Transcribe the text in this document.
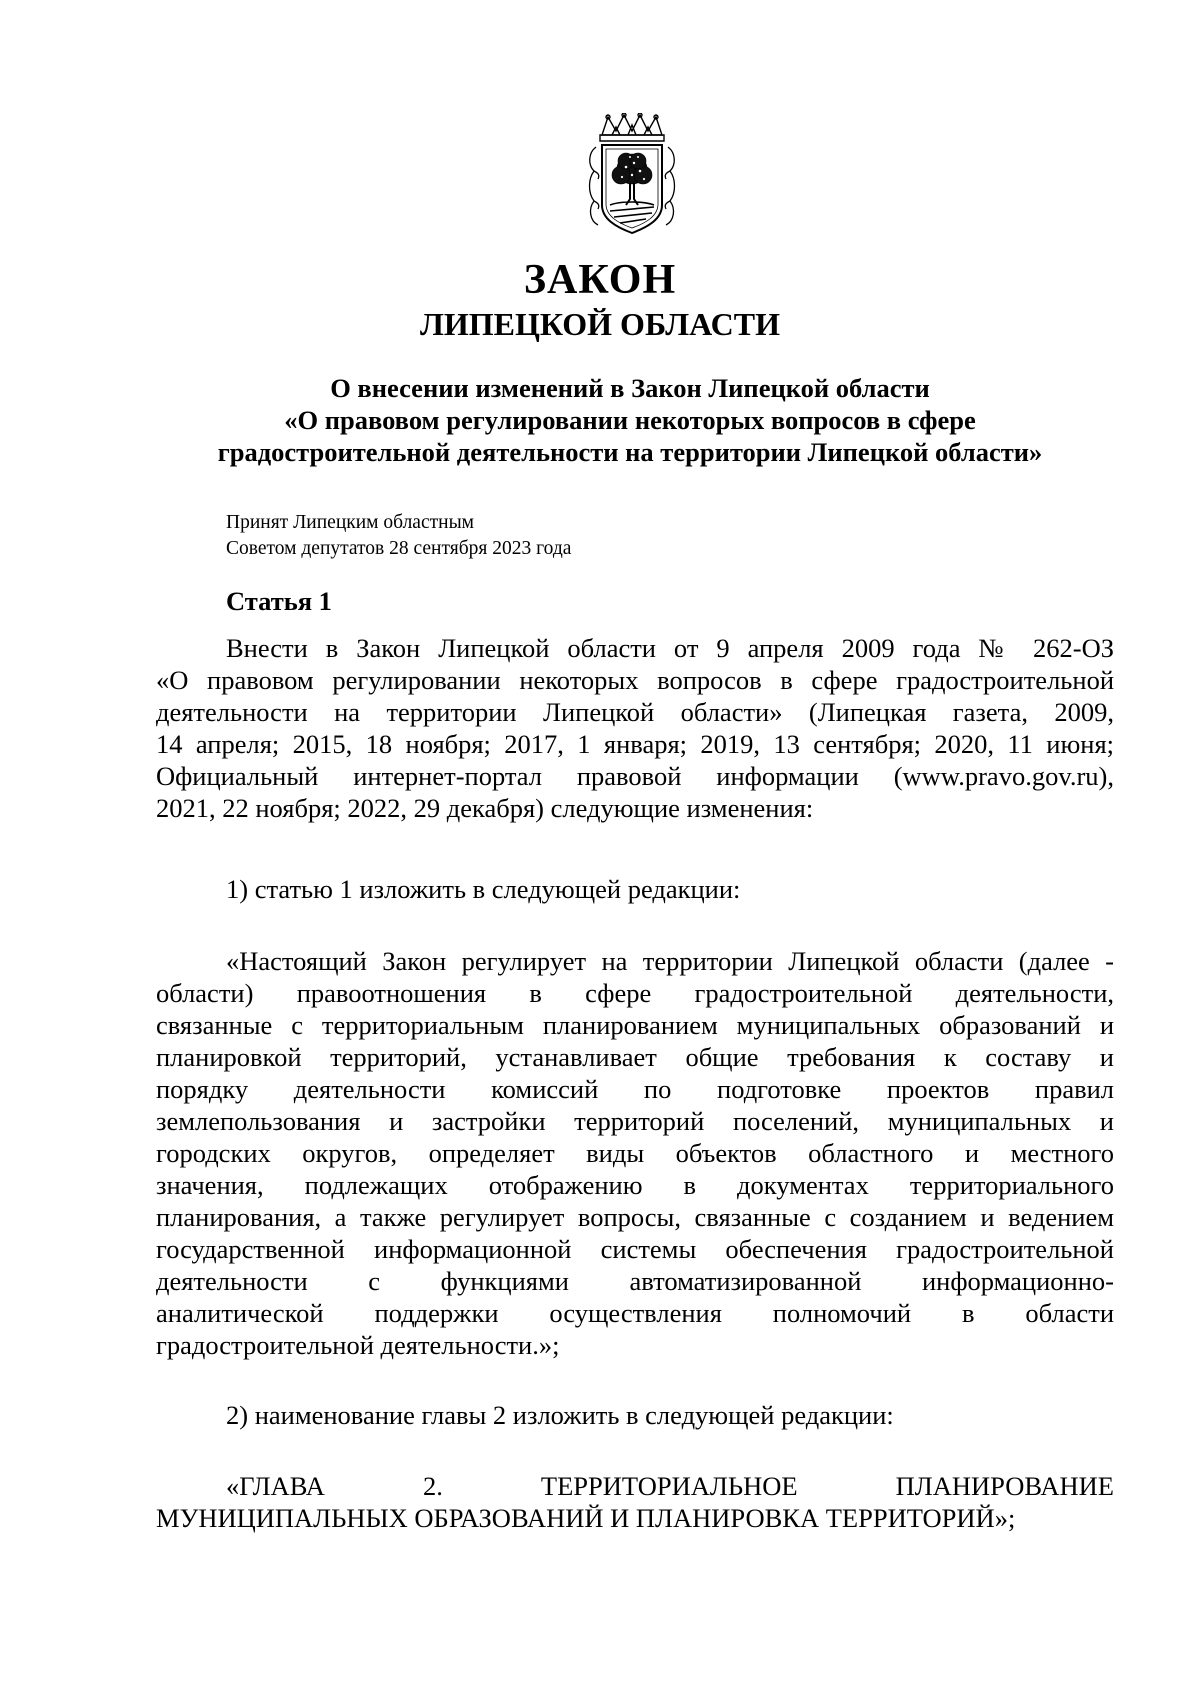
ЗАКОН
ЛИПЕЦКОЙ ОБЛАСТИ
О внесении изменений в Закон Липецкой области
«О правовом регулировании некоторых вопросов в сфере
градостроительной деятельности на территории Липецкой области»
Принят Липецким областным
Советом депутатов 28 сентября 2023 года
Статья 1
Внести в Закон Липецкой области от 9 апреля 2009 года № 262-ОЗ
«О правовом регулировании некоторых вопросов в сфере градостроительной
деятельности на территории Липецкой области» (Липецкая газета, 2009,
14 апреля; 2015, 18 ноября; 2017, 1 января; 2019, 13 сентября; 2020, 11 июня;
Официальный интернет-портал правовой информации (www.pravo.gov.ru),
2021, 22 ноября; 2022, 29 декабря) следующие изменения:
1) статью 1 изложить в следующей редакции:
«Настоящий Закон регулирует на территории Липецкой области (далее -
области) правоотношения в сфере градостроительной деятельности,
связанные с территориальным планированием муниципальных образований и
планировкой территорий, устанавливает общие требования к составу и
порядку деятельности комиссий по подготовке проектов правил
землепользования и застройки территорий поселений, муниципальных и
городских округов, определяет виды объектов областного и местного
значения, подлежащих отображению в документах территориального
планирования, а также регулирует вопросы, связанные с созданием и ведением
государственной информационной системы обеспечения градостроительной
деятельности с функциями автоматизированной информационно-
аналитической поддержки осуществления полномочий в области
градостроительной деятельности.»;
2) наименование главы 2 изложить в следующей редакции:
«ГЛАВА 2. ТЕРРИТОРИАЛЬНОЕ ПЛАНИРОВАНИЕ
МУНИЦИПАЛЬНЫХ ОБРАЗОВАНИЙ И ПЛАНИРОВКА ТЕРРИТОРИЙ»;
